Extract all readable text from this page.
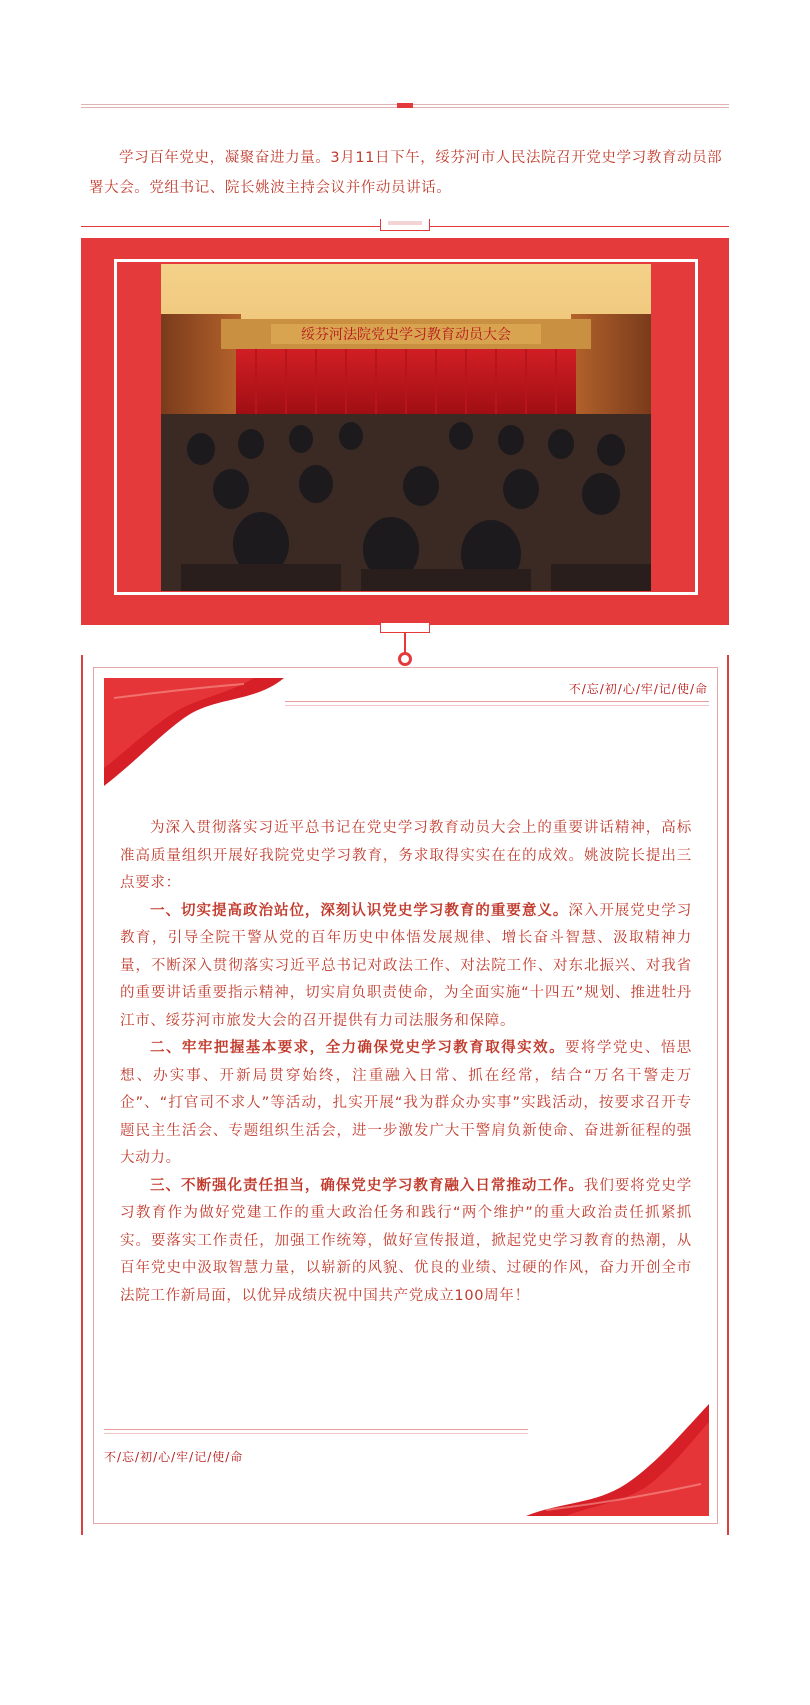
学习百年党史，凝聚奋进力量。3月11日下午，绥芬河市人民法院召开党史学习教育动员部署大会。党组书记、院长姚波主持会议并作动员讲话。

绥芬河法院党史学习教育动员大会
不/忘/初/心/牢/记/使/命

为深入贯彻落实习近平总书记在党史学习教育动员大会上的重要讲话精神，高标准高质量组织开展好我院党史学习教育，务求取得实实在在的成效。姚波院长提出三点要求：

一、切实提高政治站位，深刻认识党史学习教育的重要意义。深入开展党史学习教育，引导全院干警从党的百年历史中体悟发展规律、增长奋斗智慧、汲取精神力量，不断深入贯彻落实习近平总书记对政法工作、对法院工作、对东北振兴、对我省的重要讲话重要指示精神，切实肩负职责使命，为全面实施“十四五”规划、推进牡丹江市、绥芬河市旅发大会的召开提供有力司法服务和保障。

二、牢牢把握基本要求，全力确保党史学习教育取得实效。要将学党史、悟思想、办实事、开新局贯穿始终，注重融入日常、抓在经常，结合“万名干警走万企”、“打官司不求人”等活动，扎实开展“我为群众办实事”实践活动，按要求召开专题民主生活会、专题组织生活会，进一步激发广大干警肩负新使命、奋进新征程的强大动力。

三、不断强化责任担当，确保党史学习教育融入日常推动工作。我们要将党史学习教育作为做好党建工作的重大政治任务和践行“两个维护”的重大政治责任抓紧抓实。要落实工作责任，加强工作统筹，做好宣传报道，掀起党史学习教育的热潮，从百年党史中汲取智慧力量，以崭新的风貌、优良的业绩、过硬的作风，奋力开创全市法院工作新局面，以优异成绩庆祝中国共产党成立100周年！

不/忘/初/心/牢/记/使/命
